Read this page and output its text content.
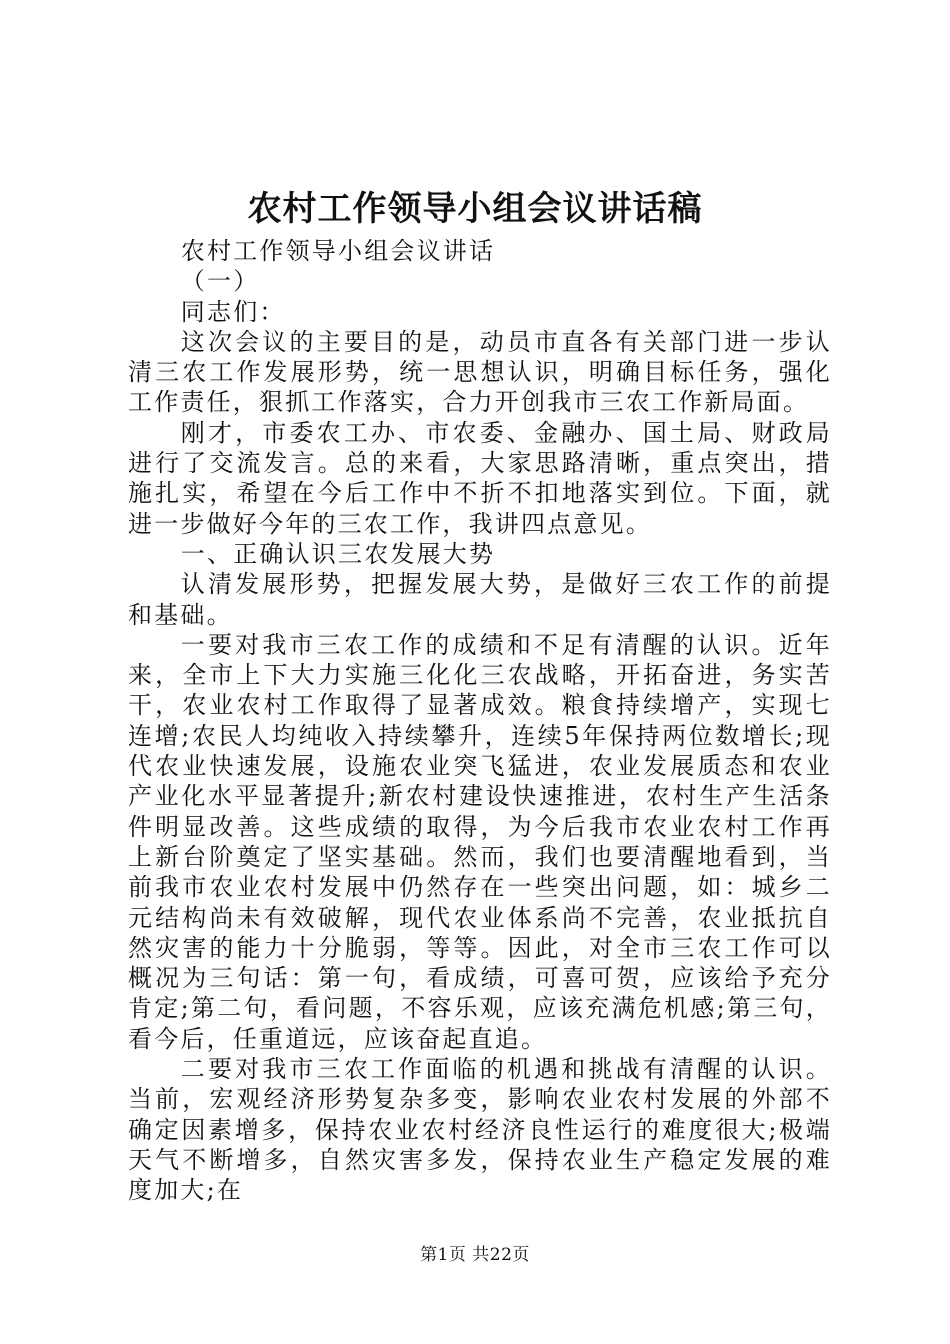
农村工作领导小组会议讲话稿

农村工作领导小组会议讲话

（一）

同志们：

这次会议的主要目的是，动员市直各有关部门进一步认清三农工作发展形势，统一思想认识，明确目标任务，强化工作责任，狠抓工作落实，合力开创我市三农工作新局面。

刚才，市委农工办、市农委、金融办、国土局、财政局进行了交流发言。总的来看，大家思路清晰，重点突出，措施扎实，希望在今后工作中不折不扣地落实到位。下面，就进一步做好今年的三农工作，我讲四点意见。

一、正确认识三农发展大势

认清发展形势，把握发展大势，是做好三农工作的前提和基础。

一要对我市三农工作的成绩和不足有清醒的认识。近年来，全市上下大力实施三化化三农战略，开拓奋进，务实苦干，农业农村工作取得了显著成效。粮食持续增产，实现七连增;农民人均纯收入持续攀升，连续5年保持两位数增长;现代农业快速发展，设施农业突飞猛进，农业发展质态和农业产业化水平显著提升;新农村建设快速推进，农村生产生活条件明显改善。这些成绩的取得，为今后我市农业农村工作再上新台阶奠定了坚实基础。然而，我们也要清醒地看到，当前我市农业农村发展中仍然存在一些突出问题，如：城乡二元结构尚未有效破解，现代农业体系尚不完善，农业抵抗自然灾害的能力十分脆弱，等等。因此，对全市三农工作可以概况为三句话：第一句，看成绩，可喜可贺，应该给予充分肯定;第二句，看问题，不容乐观，应该充满危机感;第三句，看今后，任重道远，应该奋起直追。

二要对我市三农工作面临的机遇和挑战有清醒的认识。当前，宏观经济形势复杂多变，影响农业农村发展的外部不确定因素增多，保持农业农村经济良性运行的难度很大;极端天气不断增多，自然灾害多发，保持农业生产稳定发展的难度加大;在

第1页 共22页
